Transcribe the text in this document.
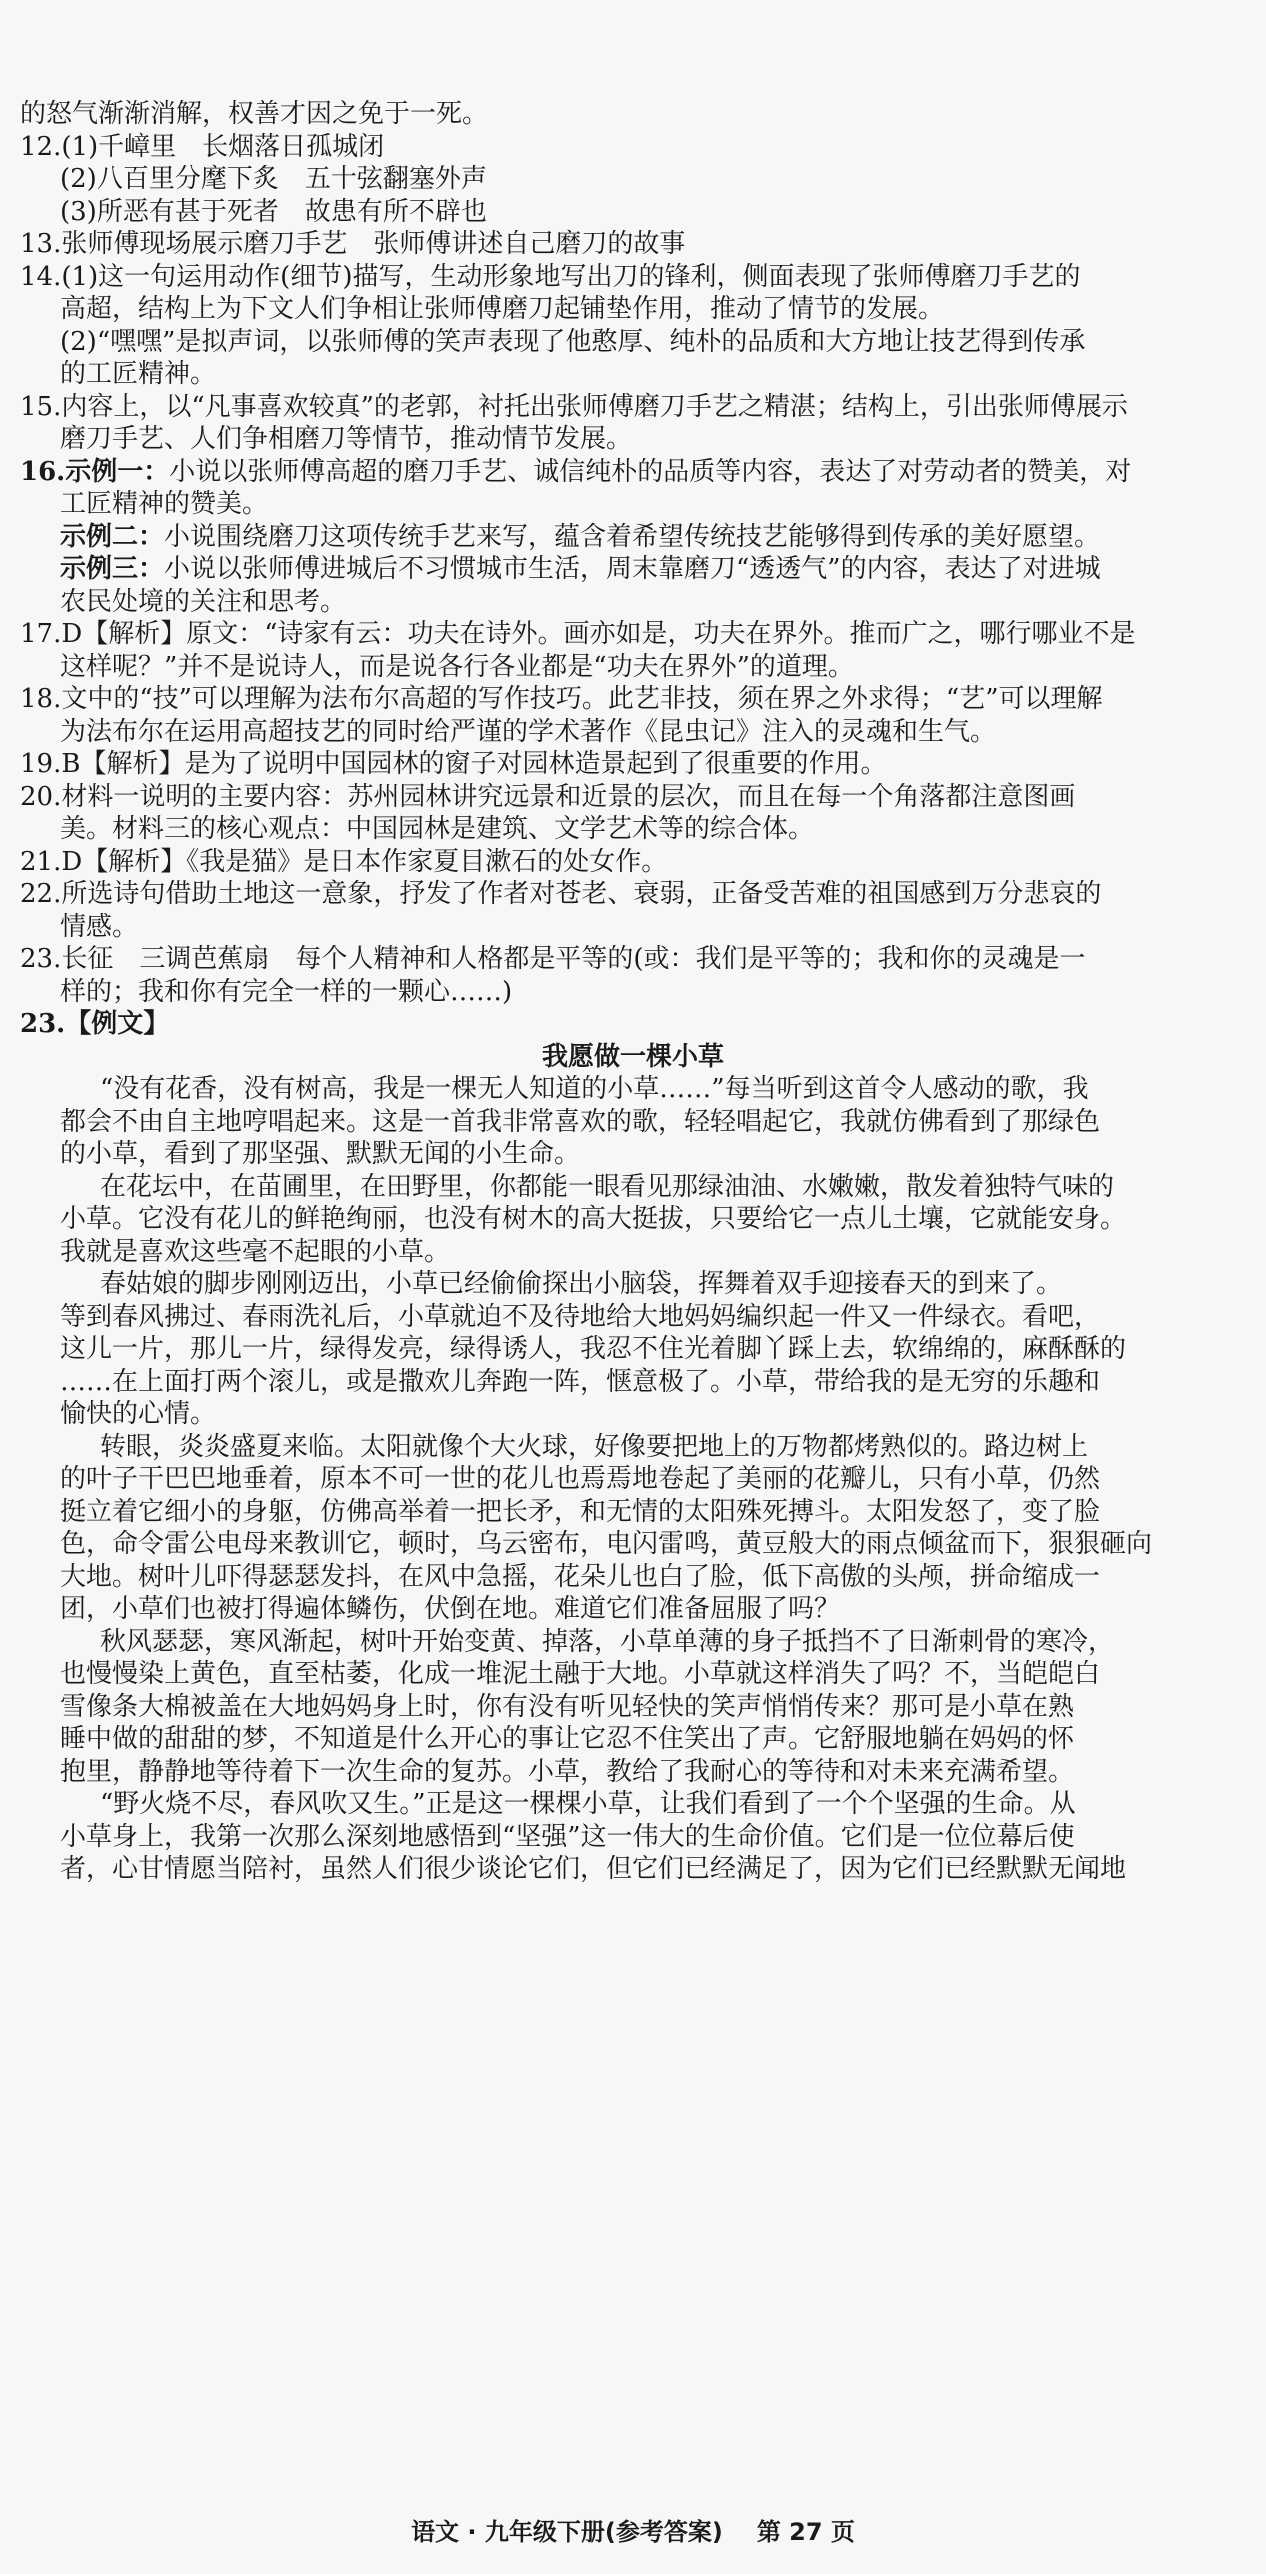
的怒气渐渐消解，权善才因之免于一死。

12.(1)千嶂里　长烟落日孤城闭

(2)八百里分麾下炙　五十弦翻塞外声

(3)所恶有甚于死者　故患有所不辟也

13.张师傅现场展示磨刀手艺　张师傅讲述自己磨刀的故事

14.(1)这一句运用动作(细节)描写，生动形象地写出刀的锋利，侧面表现了张师傅磨刀手艺的

高超，结构上为下文人们争相让张师傅磨刀起铺垫作用，推动了情节的发展。

(2)“嘿嘿”是拟声词，以张师傅的笑声表现了他憨厚、纯朴的品质和大方地让技艺得到传承

的工匠精神。

15.内容上，以“凡事喜欢较真”的老郭，衬托出张师傅磨刀手艺之精湛；结构上，引出张师傅展示

磨刀手艺、人们争相磨刀等情节，推动情节发展。

16.示例一：小说以张师傅高超的磨刀手艺、诚信纯朴的品质等内容，表达了对劳动者的赞美，对

工匠精神的赞美。

示例二：小说围绕磨刀这项传统手艺来写，蕴含着希望传统技艺能够得到传承的美好愿望。

示例三：小说以张师傅进城后不习惯城市生活，周末靠磨刀“透透气”的内容，表达了对进城

农民处境的关注和思考。

17.D【解析】原文：“诗家有云：功夫在诗外。画亦如是，功夫在界外。推而广之，哪行哪业不是

这样呢？”并不是说诗人，而是说各行各业都是“功夫在界外”的道理。

18.文中的“技”可以理解为法布尔高超的写作技巧。此艺非技，须在界之外求得；“艺”可以理解

为法布尔在运用高超技艺的同时给严谨的学术著作《昆虫记》注入的灵魂和生气。

19.B【解析】是为了说明中国园林的窗子对园林造景起到了很重要的作用。

20.材料一说明的主要内容：苏州园林讲究远景和近景的层次，而且在每一个角落都注意图画

美。材料三的核心观点：中国园林是建筑、文学艺术等的综合体。

21.D【解析】《我是猫》是日本作家夏目漱石的处女作。

22.所选诗句借助土地这一意象，抒发了作者对苍老、衰弱，正备受苦难的祖国感到万分悲哀的

情感。

23.长征　三调芭蕉扇　每个人精神和人格都是平等的(或：我们是平等的；我和你的灵魂是一

样的；我和你有完全一样的一颗心……)

23.【例文】

我愿做一棵小草

“没有花香，没有树高，我是一棵无人知道的小草……”每当听到这首令人感动的歌，我

都会不由自主地哼唱起来。这是一首我非常喜欢的歌，轻轻唱起它，我就仿佛看到了那绿色

的小草，看到了那坚强、默默无闻的小生命。

在花坛中，在苗圃里，在田野里，你都能一眼看见那绿油油、水嫩嫩，散发着独特气味的

小草。它没有花儿的鲜艳绚丽，也没有树木的高大挺拔，只要给它一点儿土壤，它就能安身。

我就是喜欢这些毫不起眼的小草。

春姑娘的脚步刚刚迈出，小草已经偷偷探出小脑袋，挥舞着双手迎接春天的到来了。

等到春风拂过、春雨洗礼后，小草就迫不及待地给大地妈妈编织起一件又一件绿衣。看吧，

这儿一片，那儿一片，绿得发亮，绿得诱人，我忍不住光着脚丫踩上去，软绵绵的，麻酥酥的

……在上面打两个滚儿，或是撒欢儿奔跑一阵，惬意极了。小草，带给我的是无穷的乐趣和

愉快的心情。

转眼，炎炎盛夏来临。太阳就像个大火球，好像要把地上的万物都烤熟似的。路边树上

的叶子干巴巴地垂着，原本不可一世的花儿也焉焉地卷起了美丽的花瓣儿，只有小草，仍然

挺立着它细小的身躯，仿佛高举着一把长矛，和无情的太阳殊死搏斗。太阳发怒了，变了脸

色，命令雷公电母来教训它，顿时，乌云密布，电闪雷鸣，黄豆般大的雨点倾盆而下，狠狠砸向

大地。树叶儿吓得瑟瑟发抖，在风中急摇，花朵儿也白了脸，低下高傲的头颅，拼命缩成一

团，小草们也被打得遍体鳞伤，伏倒在地。难道它们准备屈服了吗？

秋风瑟瑟，寒风渐起，树叶开始变黄、掉落，小草单薄的身子抵挡不了日渐刺骨的寒冷，

也慢慢染上黄色，直至枯萎，化成一堆泥土融于大地。小草就这样消失了吗？不，当皑皑白

雪像条大棉被盖在大地妈妈身上时，你有没有听见轻快的笑声悄悄传来？那可是小草在熟

睡中做的甜甜的梦，不知道是什么开心的事让它忍不住笑出了声。它舒服地躺在妈妈的怀

抱里，静静地等待着下一次生命的复苏。小草，教给了我耐心的等待和对未来充满希望。

“野火烧不尽，春风吹又生。”正是这一棵棵小草，让我们看到了一个个坚强的生命。从

小草身上，我第一次那么深刻地感悟到“坚强”这一伟大的生命价值。它们是一位位幕后使

者，心甘情愿当陪衬，虽然人们很少谈论它们，但它们已经满足了，因为它们已经默默无闻地

语文 · 九年级下册(参考答案) 第 27 页
